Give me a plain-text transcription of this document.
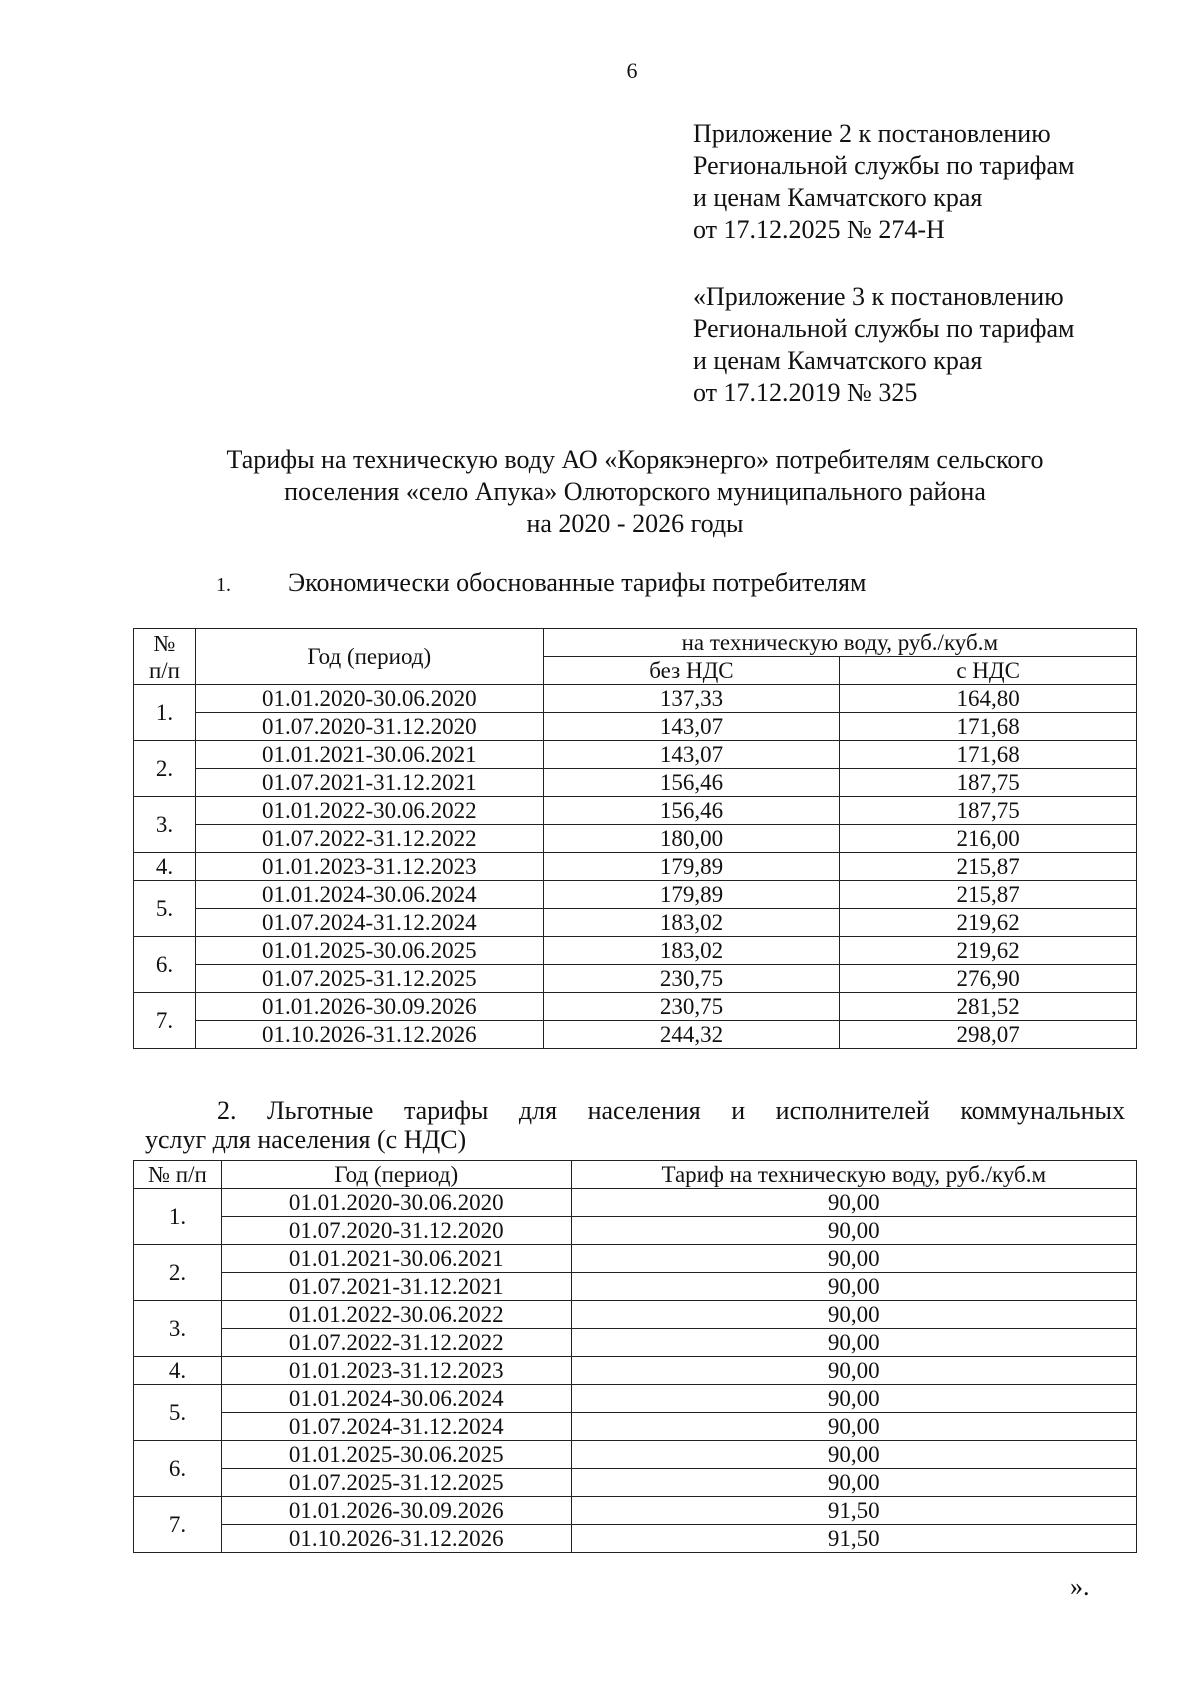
6
Приложение 2 к постановлению
Региональной службы по тарифам
и ценам Камчатского края
от 17.12.2025 № 274-Н
«Приложение 3 к постановлению
Региональной службы по тарифам
и ценам Камчатского края
от 17.12.2019 № 325
Тарифы на техническую воду АО «Корякэнерго» потребителям сельского
поселения «село Апука» Олюторского муниципального района
на 2020 - 2026 годы
1. Экономически обоснованные тарифы потребителям
№
п/п	Год (период)	на техническую воду, руб./куб.м	
		без НДС	с НДС
1.	01.01.2020-30.06.2020	137,33	164,80
	01.07.2020-31.12.2020	143,07	171,68
2.	01.01.2021-30.06.2021	143,07	171,68
	01.07.2021-31.12.2021	156,46	187,75
3.	01.01.2022-30.06.2022	156,46	187,75
	01.07.2022-31.12.2022	180,00	216,00
4.	01.01.2023-31.12.2023	179,89	215,87
5.	01.01.2024-30.06.2024	179,89	215,87
	01.07.2024-31.12.2024	183,02	219,62
6.	01.01.2025-30.06.2025	183,02	219,62
	01.07.2025-31.12.2025	230,75	276,90
7.	01.01.2026-30.09.2026	230,75	281,52
	01.10.2026-31.12.2026	244,32	298,07
2. Льготные тарифы для населения и исполнителей коммунальных
услуг для населения (с НДС)
№ п/п	Год (период)	Тариф на техническую воду, руб./куб.м
1.	01.01.2020-30.06.2020	90,00
	01.07.2020-31.12.2020	90,00
2.	01.01.2021-30.06.2021	90,00
	01.07.2021-31.12.2021	90,00
3.	01.01.2022-30.06.2022	90,00
	01.07.2022-31.12.2022	90,00
4.	01.01.2023-31.12.2023	90,00
5.	01.01.2024-30.06.2024	90,00
	01.07.2024-31.12.2024	90,00
6.	01.01.2025-30.06.2025	90,00
	01.07.2025-31.12.2025	90,00
7.	01.01.2026-30.09.2026	91,50
	01.10.2026-31.12.2026	91,50
».
